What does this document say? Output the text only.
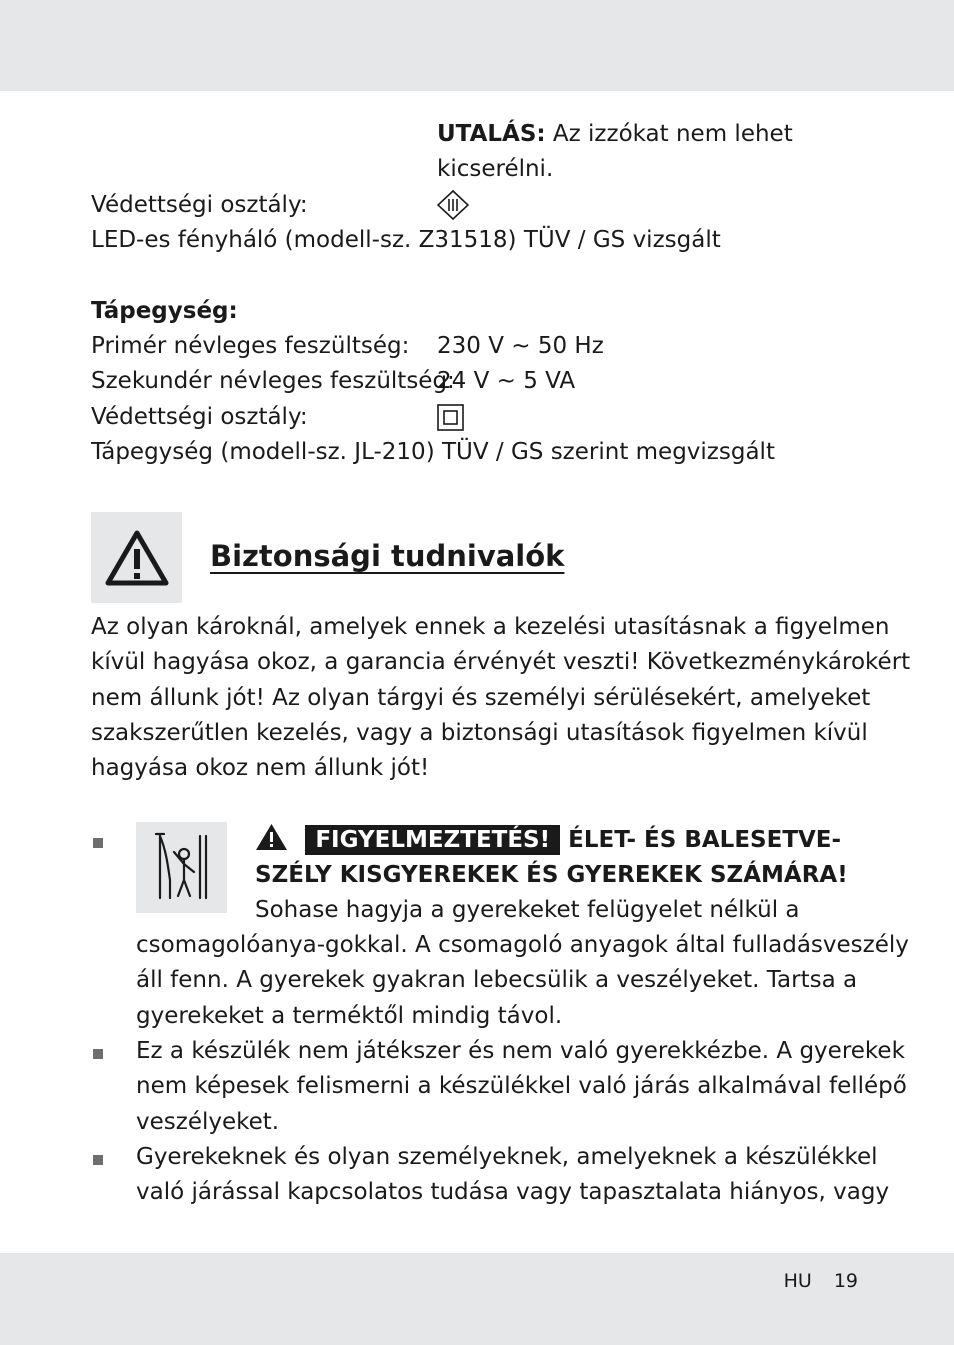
UTALÁS: Az izzókat nem lehet
kicserélni.
Védettségi osztály:
LED-es fényháló (modell-sz. Z31518) TÜV / GS vizsgált
Tápegység:
Primér névleges feszültség: 230 V ~ 50 Hz
Szekundér névleges feszültség:
24 V ~ 5 VA
Védettségi osztály:
Tápegység (modell-sz. JL-210) TÜV / GS szerint megvizsgált
Biztonsági tudnivalók
Az olyan károknál, amelyek ennek a kezelési utasításnak a figyelmen
kívül hagyása okoz, a garancia érvényét veszti! Következménykárokért
nem állunk jót! Az olyan tárgyi és személyi sérülésekért, amelyeket
szakszerűtlen kezelés, vagy a biztonsági utasítások figyelmen kívül
hagyása okoz nem állunk jót!
FIGYELMEZTETÉS! ÉLET- ÉS BALESETVE-
SZÉLY KISGYEREKEK ÉS GYEREKEK SZÁMÁRA!
Sohase hagyja a gyerekeket felügyelet nélkül a
csomagolóanya-gokkal. A csomagoló anyagok által fulladásveszély
áll fenn. A gyerekek gyakran lebecsülik a veszélyeket. Tartsa a
gyerekeket a terméktől mindig távol.
Ez a készülék nem játékszer és nem való gyerekkézbe. A gyerekek
nem képesek felismerni a készülékkel való járás alkalmával fellépő
veszélyeket.
Gyerekeknek és olyan személyeknek, amelyeknek a készülékkel
való járással kapcsolatos tudása vagy tapasztalata hiányos, vagy
HU 19
